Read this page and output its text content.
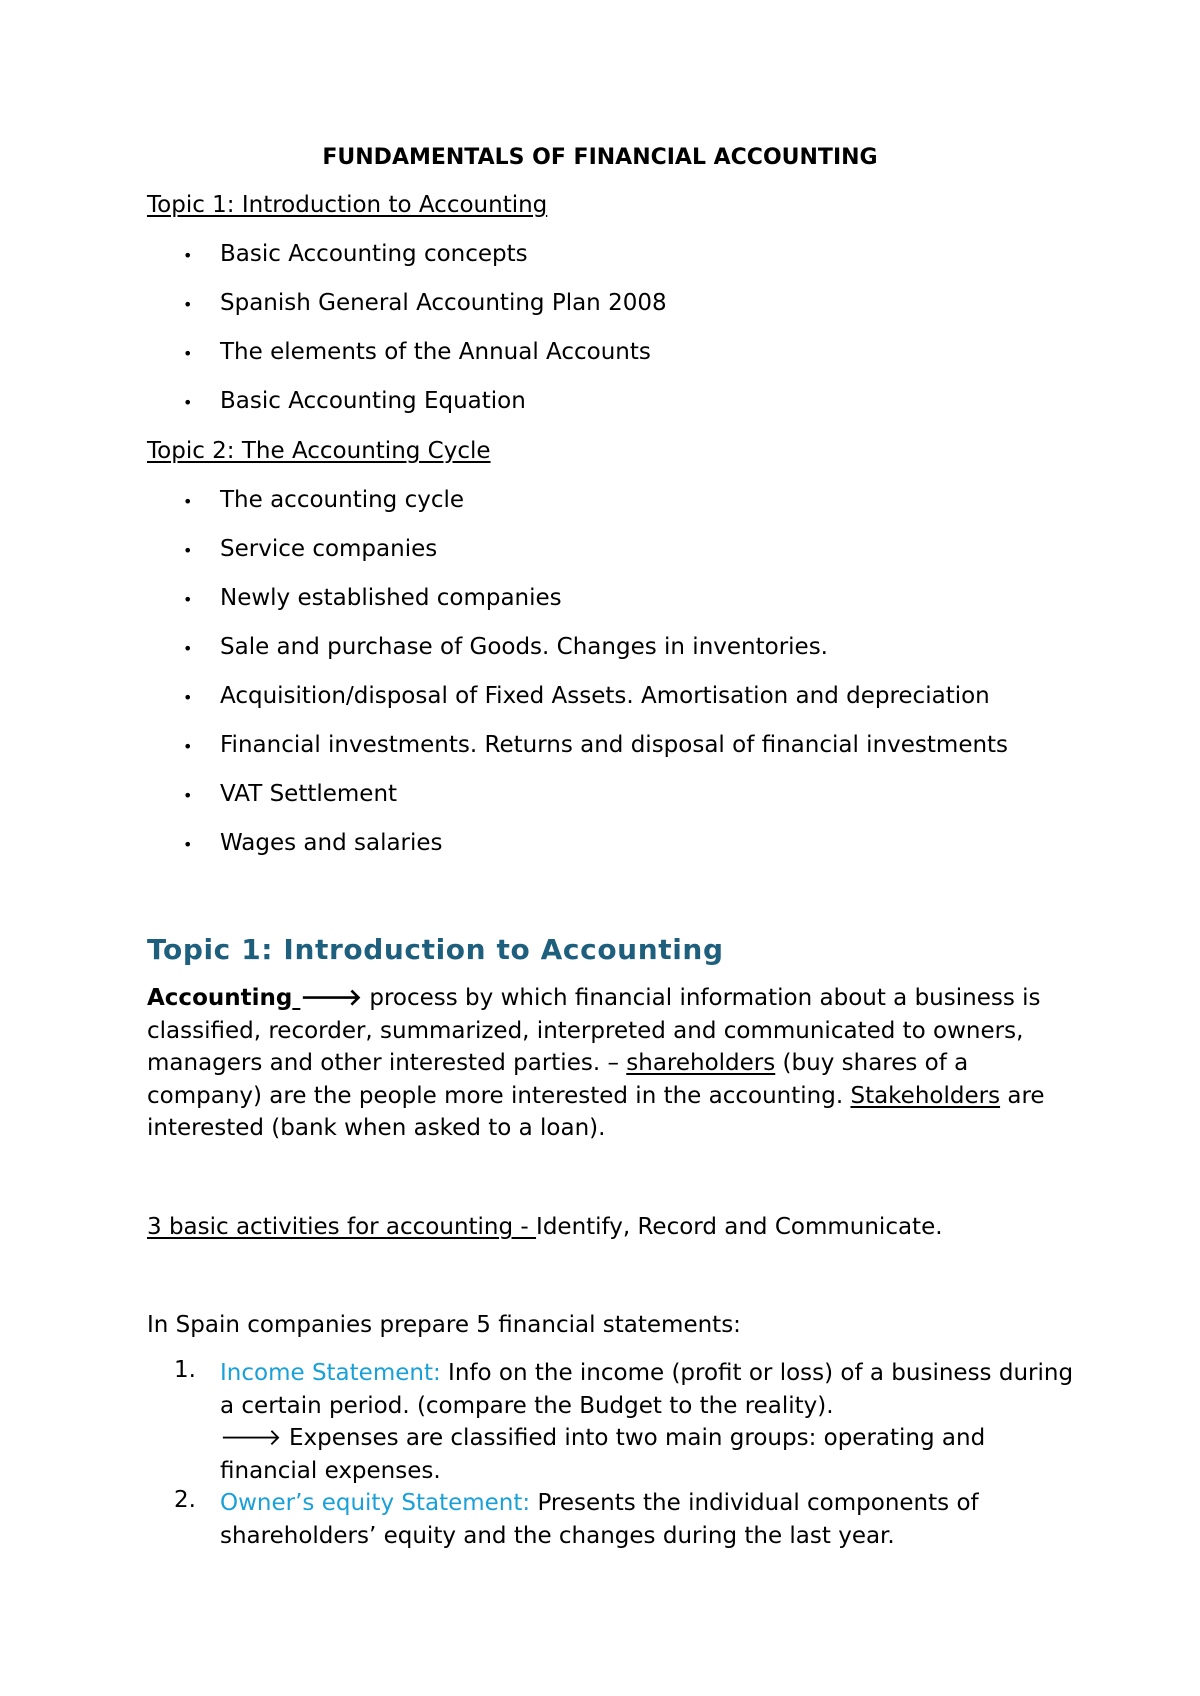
FUNDAMENTALS OF FINANCIAL ACCOUNTING
Topic 1: Introduction to Accounting
• Basic Accounting concepts
• Spanish General Accounting Plan 2008
• The elements of the Annual Accounts
• Basic Accounting Equation
Topic 2: The Accounting Cycle
• The accounting cycle
• Service companies
• Newly established companies
• Sale and purchase of Goods. Changes in inventories.
• Acquisition/disposal of Fixed Assets. Amortisation and depreciation
• Financial investments. Returns and disposal of financial investments
• VAT Settlement
• Wages and salaries
Topic 1: Introduction to Accounting
Accounting 🡒 process by which financial information about a business is classified, recorder, summarized, interpreted and communicated to owners, managers and other interested parties. – shareholders (buy shares of a company) are the people more interested in the accounting. Stakeholders are interested (bank when asked to a loan).
3 basic activities for accounting - Identify, Record and Communicate.
In Spain companies prepare 5 financial statements:
1. Income Statement: Info on the income (profit or loss) of a business during a certain period. (compare the Budget to the reality).
🡒 Expenses are classified into two main groups: operating and financial expenses.
2. Owner’s equity Statement: Presents the individual components of shareholders’ equity and the changes during the last year.
